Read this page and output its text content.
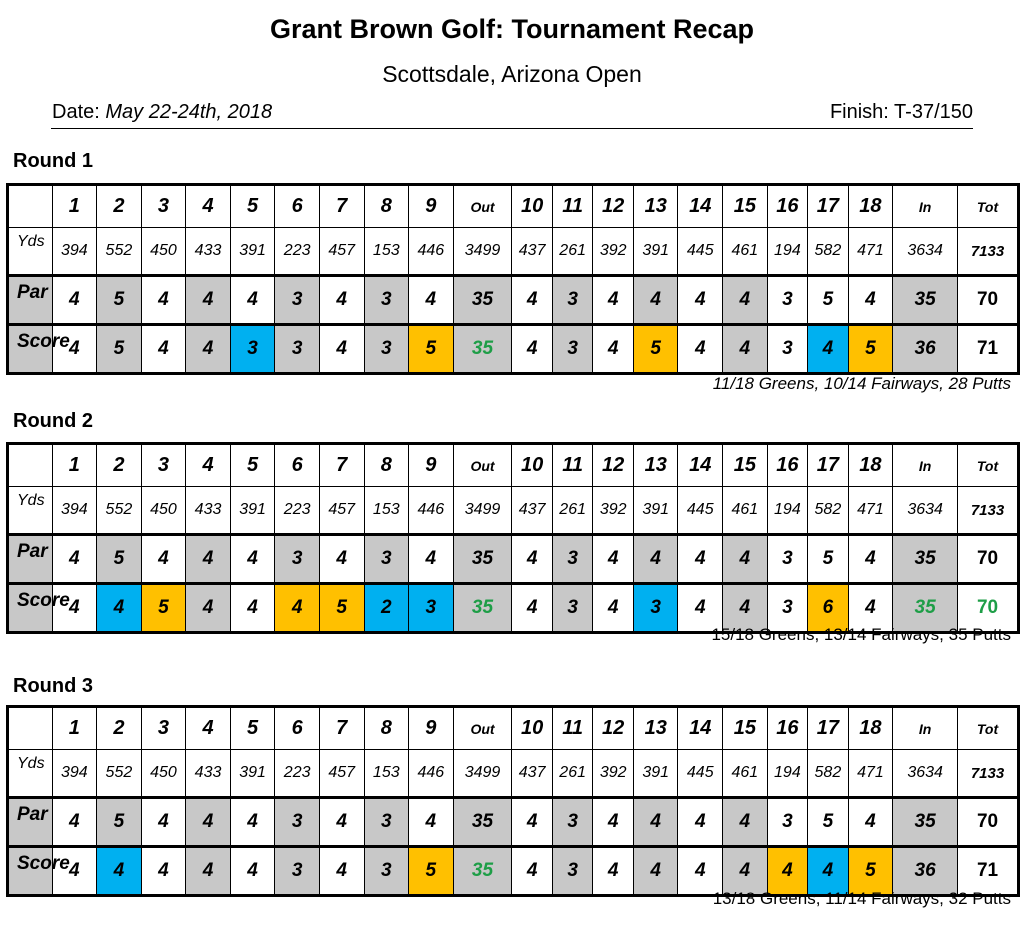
Grant Brown Golf: Tournament Recap
Scottsdale, Arizona Open
Date: May 22-24th, 2018	Finish: T-37/150
Round 1
	1	2	3	4	5	6	7	8	9	Out	10	11	12	13	14	15	16	17	18	In	Tot
Yds	394	552	450	433	391	223	457	153	446	3499	437	261	392	391	445	461	194	582	471	3634	7133
Par	4	5	4	4	4	3	4	3	4	35	4	3	4	4	4	4	3	5	4	35	70
Score	4	5	4	4	3	3	4	3	5	35	4	3	4	5	4	4	3	4	5	36	71
11/18 Greens, 10/14 Fairways, 28 Putts
Round 2
	1	2	3	4	5	6	7	8	9	Out	10	11	12	13	14	15	16	17	18	In	Tot
Yds	394	552	450	433	391	223	457	153	446	3499	437	261	392	391	445	461	194	582	471	3634	7133
Par	4	5	4	4	4	3	4	3	4	35	4	3	4	4	4	4	3	5	4	35	70
Score	4	4	5	4	4	4	5	2	3	35	4	3	4	3	4	4	3	6	4	35	70
15/18 Greens, 13/14 Fairways, 35 Putts
Round 3
	1	2	3	4	5	6	7	8	9	Out	10	11	12	13	14	15	16	17	18	In	Tot
Yds	394	552	450	433	391	223	457	153	446	3499	437	261	392	391	445	461	194	582	471	3634	7133
Par	4	5	4	4	4	3	4	3	4	35	4	3	4	4	4	4	3	5	4	35	70
Score	4	4	4	4	4	3	4	3	5	35	4	3	4	4	4	4	4	4	5	36	71
13/18 Greens, 11/14 Fairways, 32 Putts
